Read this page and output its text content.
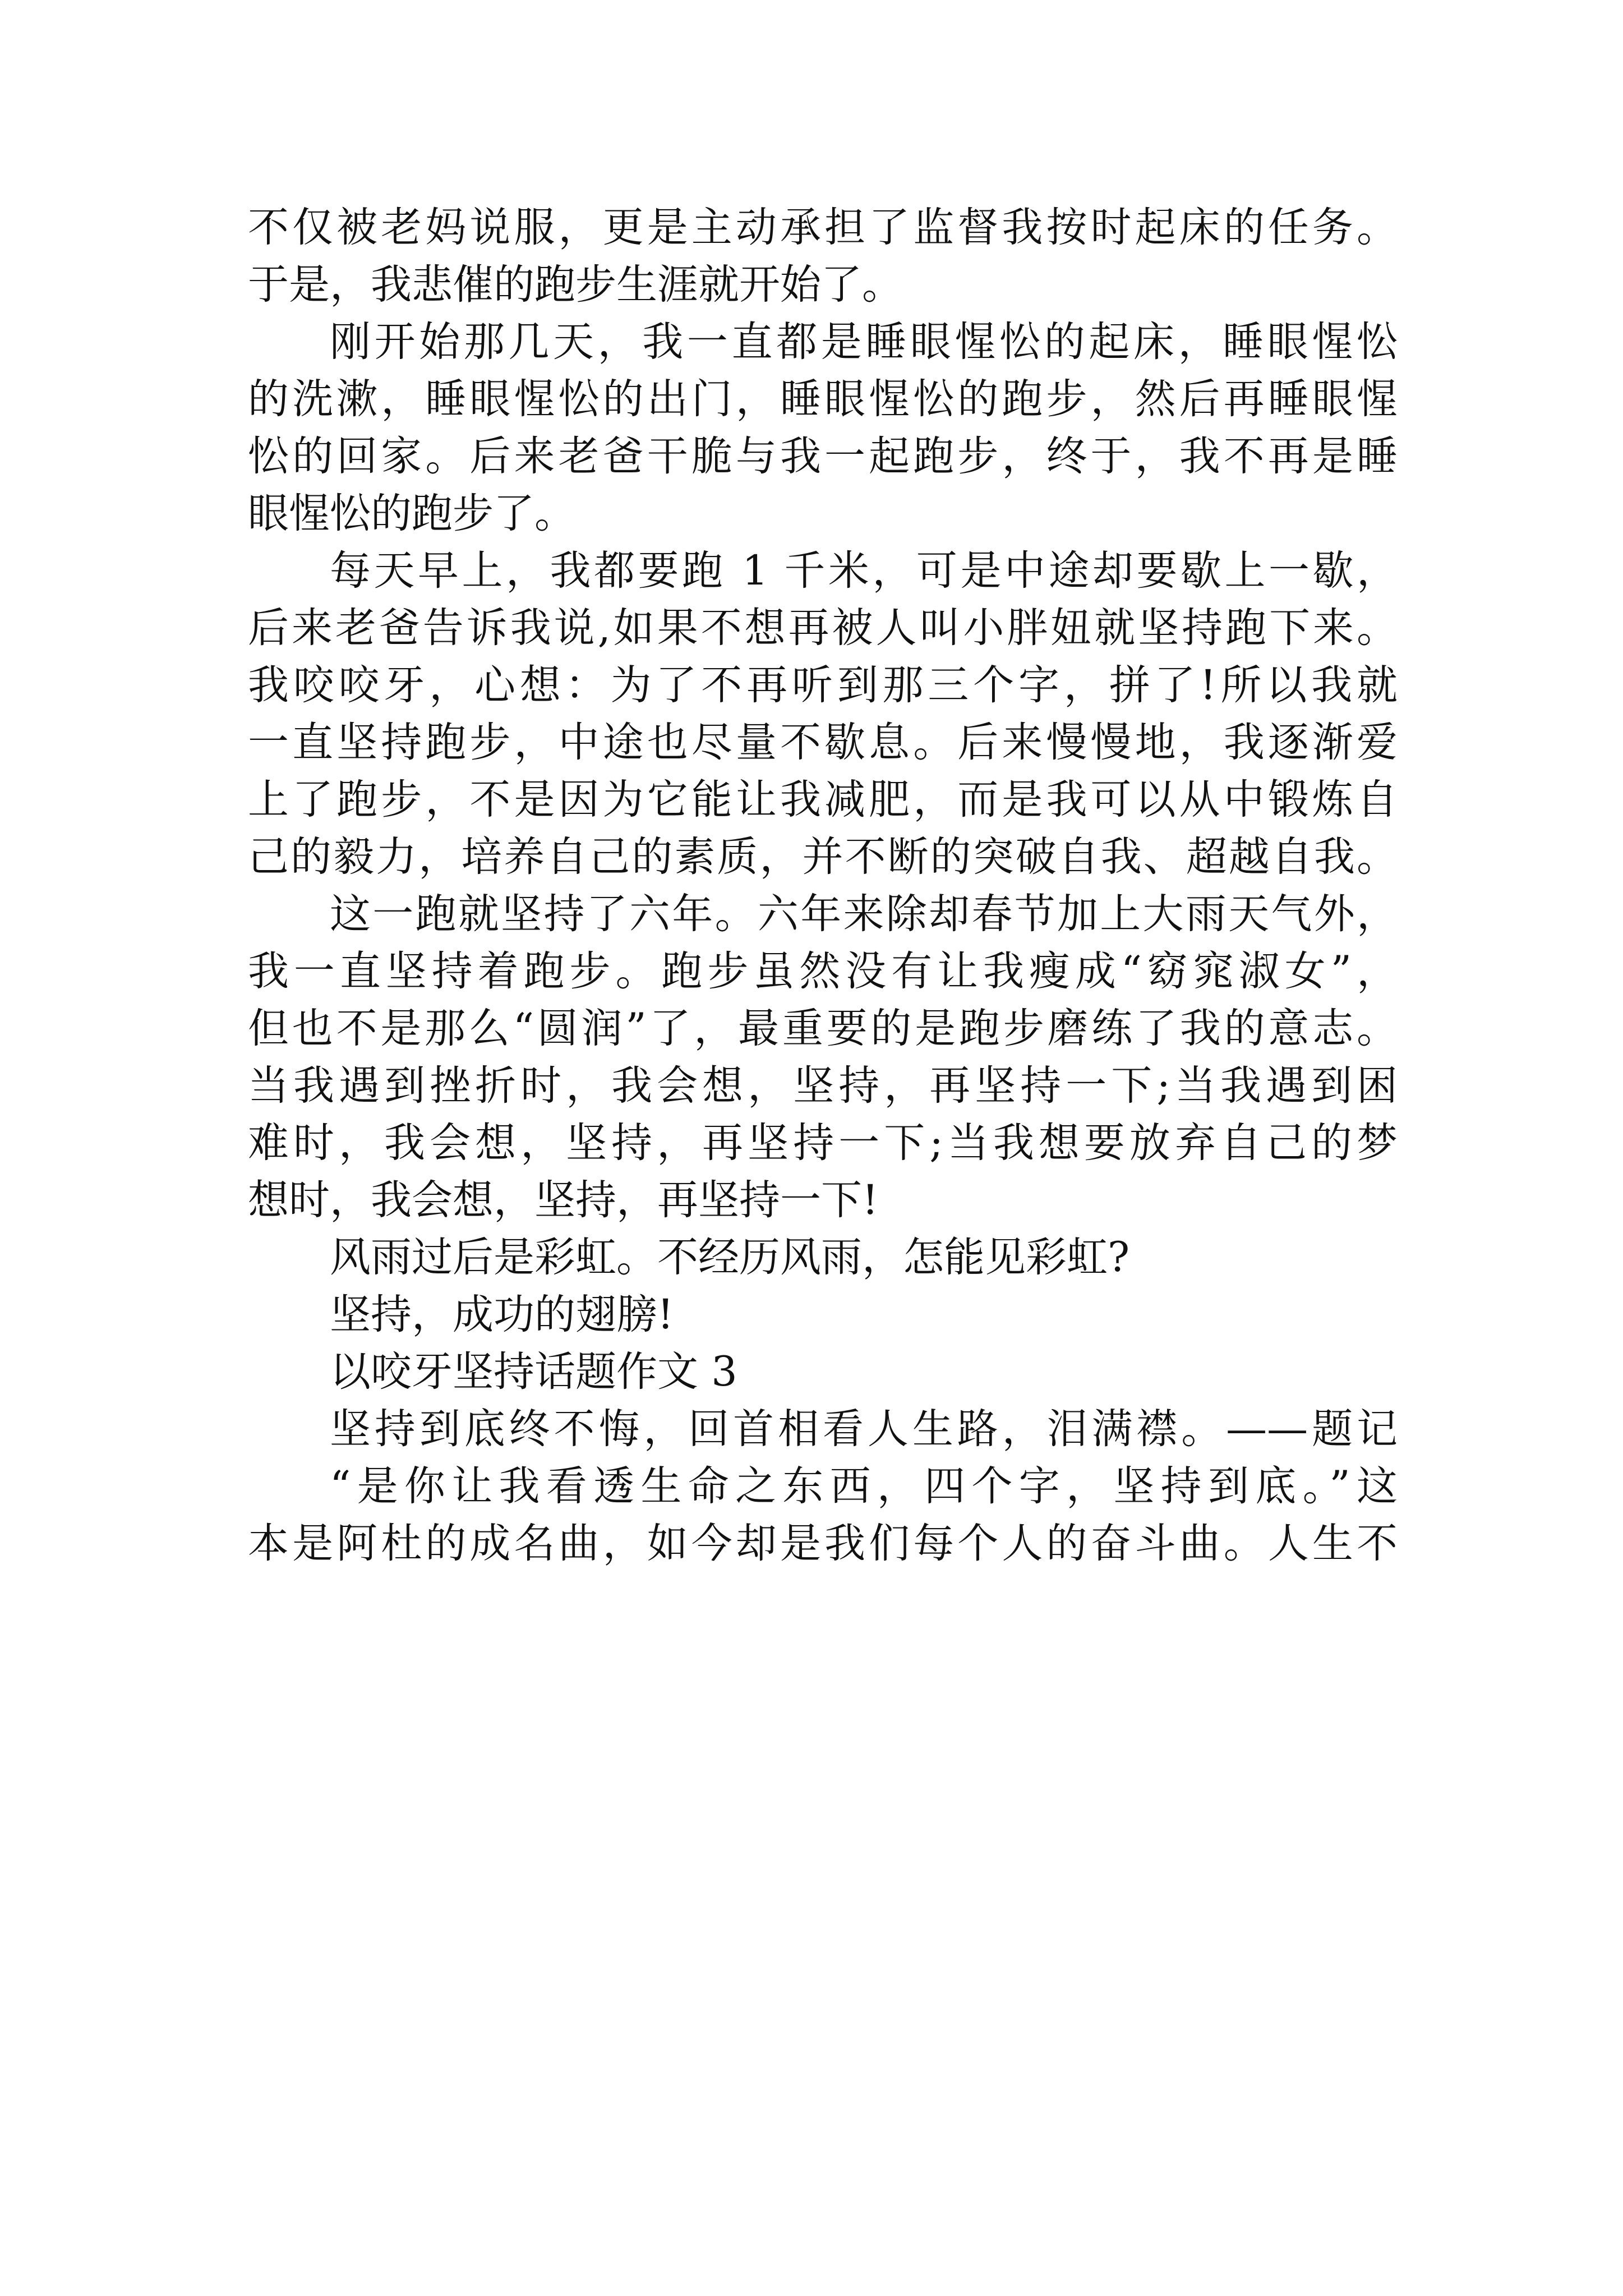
不仅被老妈说服，更是主动承担了监督我按时起床的任务。
于是，我悲催的跑步生涯就开始了。
刚开始那几天，我一直都是睡眼惺忪的起床，睡眼惺忪
的洗漱，睡眼惺忪的出门，睡眼惺忪的跑步，然后再睡眼惺
忪的回家。后来老爸干脆与我一起跑步，终于，我不再是睡
眼惺忪的跑步了。
每天早上，我都要跑 1 千米，可是中途却要歇上一歇，
后来老爸告诉我说,如果不想再被人叫小胖妞就坚持跑下来。
我咬咬牙，心想：为了不再听到那三个字，拼了!所以我就
一直坚持跑步，中途也尽量不歇息。后来慢慢地，我逐渐爱
上了跑步，不是因为它能让我减肥，而是我可以从中锻炼自
己的毅力，培养自己的素质，并不断的突破自我、超越自我。
这一跑就坚持了六年。六年来除却春节加上大雨天气外，
我一直坚持着跑步。跑步虽然没有让我瘦成“窈窕淑女”，
但也不是那么“圆润”了，最重要的是跑步磨练了我的意志。
当我遇到挫折时，我会想，坚持，再坚持一下;当我遇到困
难时，我会想，坚持，再坚持一下;当我想要放弃自己的梦
想时，我会想，坚持，再坚持一下!
风雨过后是彩虹。不经历风雨，怎能见彩虹?
坚持，成功的翅膀!
以咬牙坚持话题作文 3
坚持到底终不悔，回首相看人生路，泪满襟。——题记
“是你让我看透生命之东西，四个字，坚持到底。”这
本是阿杜的成名曲，如今却是我们每个人的奋斗曲。人生不
